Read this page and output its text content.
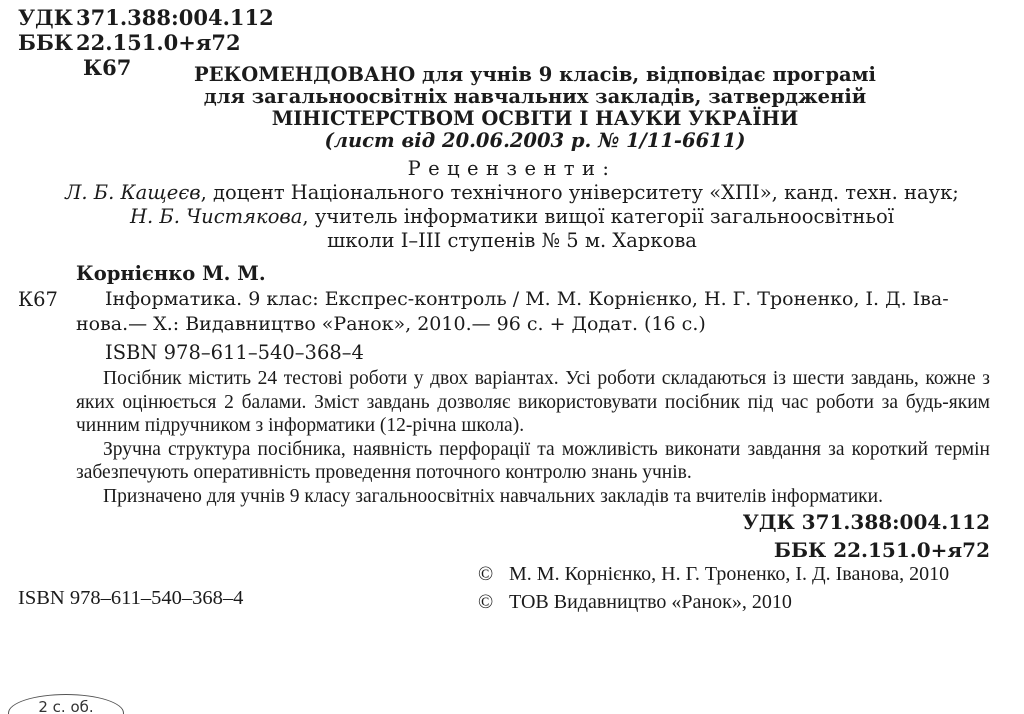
УДК 371.388:004.112
ББК 22.151.0+я72
К67	РЕКОМЕНДОВАНО для учнів 9 класів, відповідає програмі
для загальноосвітніх навчальних закладів, затвердженій
МІНІСТЕРСТВОМ ОСВІТИ І НАУКИ УКРАЇНИ
(лист від 20.06.2003 р. № 1/11-6611)
Рецензенти:
Л. Б. Кащеєв, доцент Національного технічного університету «ХПІ», канд. техн. наук;
Н. Б. Чистякова, учитель інформатики вищої категорії загальноосвітньої
школи І–ІІІ ступенів № 5 м. Харкова
Корнієнко М. М.
К67 Інформатика. 9 клас: Експрес-контроль / М. М. Корнієнко, Н. Г. Троненко, І. Д. Іва-
нова.— Х.: Видавництво «Ранок», 2010.— 96 с. + Додат. (16 с.)
ISBN 978–611–540–368–4

Посібник містить 24 тестові роботи у двох варіантах. Усі роботи складаються із шести завдань, кожне з яких оцінюється 2 балами. Зміст завдань дозволяє використовувати посібник під час роботи за будь-яким чинним підручником з інформатики (12-річна школа).

Зручна структура посібника, наявність перфорації та можливість виконати завдання за короткий термін забезпечують оперативність проведення поточного контролю знань учнів.

Призначено для учнів 9 класу загальноосвітніх навчальних закладів та вчителів інформатики.

УДК 371.388:004.112
ББК 22.151.0+я72
© М. М. Корнієнко, Н. Г. Троненко, І. Д. Іванова, 2010
© ТОВ Видавництво «Ранок», 2010
ISBN 978–611–540–368–4
2 с. об.
